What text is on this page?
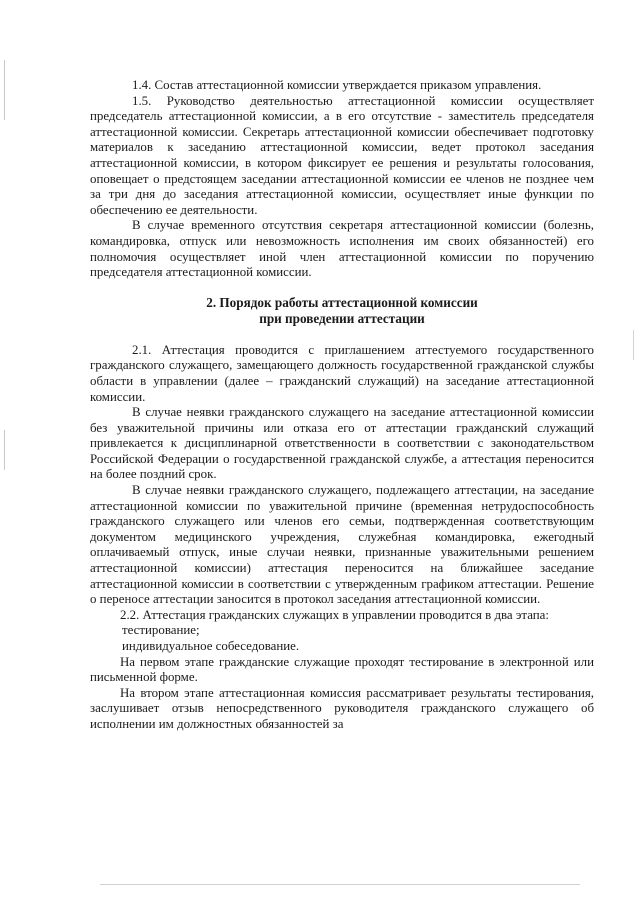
1.4. Состав аттестационной комиссии утверждается приказом управления.

1.5. Руководство деятельностью аттестационной комиссии осуществляет председатель аттестационной комиссии, а в его отсутствие - заместитель председателя аттестационной комиссии. Секретарь аттестационной комиссии обеспечивает подготовку материалов к заседанию аттестационной комиссии, ведет протокол заседания аттестационной комиссии, в котором фиксирует ее решения и результаты голосования, оповещает о предстоящем заседании аттестационной комиссии ее членов не позднее чем за три дня до заседания аттестационной комиссии, осуществляет иные функции по обеспечению ее деятельности.

В случае временного отсутствия секретаря аттестационной комиссии (болезнь, командировка, отпуск или невозможность исполнения им своих обязанностей) его полномочия осуществляет иной член аттестационной комиссии по поручению председателя аттестационной комиссии.

2. Порядок работы аттестационной комиссии
при проведении аттестации

2.1. Аттестация проводится с приглашением аттестуемого государственного гражданского служащего, замещающего должность государственной гражданской службы области в управлении (далее – гражданский служащий) на заседание аттестационной комиссии.

В случае неявки гражданского служащего на заседание аттестационной комиссии без уважительной причины или отказа его от аттестации гражданский служащий привлекается к дисциплинарной ответственности в соответствии с законодательством Российской Федерации о государственной гражданской службе, а аттестация переносится на более поздний срок.

В случае неявки гражданского служащего, подлежащего аттестации, на заседание аттестационной комиссии по уважительной причине (временная нетрудоспособность гражданского служащего или членов его семьи, подтвержденная соответствующим документом медицинского учреждения, служебная командировка, ежегодный оплачиваемый отпуск, иные случаи неявки, признанные уважительными решением аттестационной комиссии) аттестация переносится на ближайшее заседание аттестационной комиссии в соответствии с утвержденным графиком аттестации. Решение о переносе аттестации заносится в протокол заседания аттестационной комиссии.

2.2. Аттестация гражданских служащих в управлении проводится в два этапа:

тестирование;

индивидуальное собеседование.

На первом этапе гражданские служащие проходят тестирование в электронной или письменной форме.

На втором этапе аттестационная комиссия рассматривает результаты тестирования, заслушивает отзыв непосредственного руководителя гражданского служащего об исполнении им должностных обязанностей за
